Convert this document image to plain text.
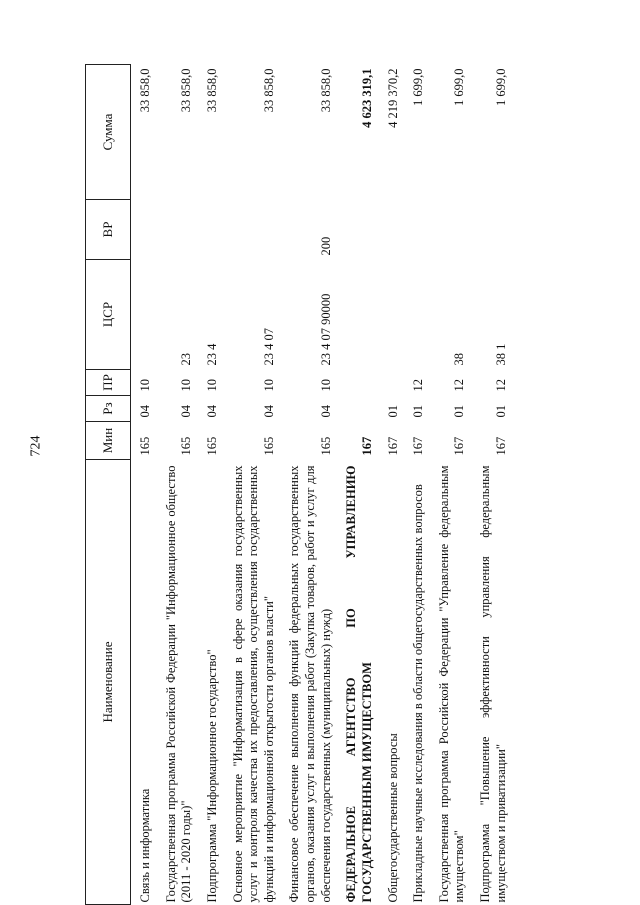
724
Наименование	Мин	Рз	ПР	ЦСР	ВР	Сумма
Связь и информатика	165	04	10			33 858,0
Государственная программа Российской Федерации "Информационное общество (2011 - 2020 годы)"	165	04	10	23		33 858,0
Подпрограмма "Информационное государство"	165	04	10	23 4		33 858,0
Основное мероприятие "Информатизация в сфере оказания государственных услуг и контроля качества их предоставления, осуществления государственных функций и информационной открытости органов власти"	165	04	10	23 4 07		33 858,0
Финансовое обеспечение выполнения функций федеральных государственных органов, оказания услуг и выполнения работ (Закупка товаров, работ и услуг для обеспечения государственных (муниципальных) нужд)	165	04	10	23 4 07 90000	200	33 858,0
ФЕДЕРАЛЬНОЕ АГЕНТСТВО ПО УПРАВЛЕНИЮ ГОСУДАРСТВЕННЫМ ИМУЩЕСТВОМ	167					4 623 319,1
Общегосударственные вопросы	167	01				4 219 370,2
Прикладные научные исследования в области общегосударственных вопросов	167	01	12			1 699,0
Государственная программа Российской Федерации "Управление федеральным имуществом"	167	01	12	38		1 699,0
Подпрограмма "Повышение эффективности управления федеральным имуществом и приватизации"	167	01	12	38 1		1 699,0
